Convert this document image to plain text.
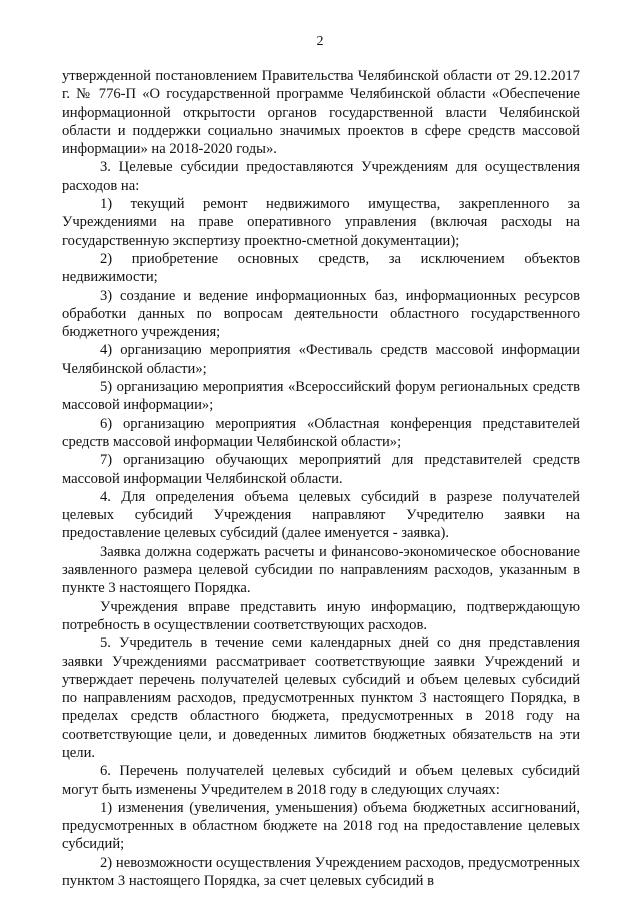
2

утвержденной постановлением Правительства Челябинской области от 29.12.2017 г. № 776-П «О государственной программе Челябинской области «Обеспечение информационной открытости органов государственной власти Челябинской области и поддержки социально значимых проектов в сфере средств массовой информации» на 2018-2020 годы».

3. Целевые субсидии предоставляются Учреждениям для осуществления расходов на:

1) текущий ремонт недвижимого имущества, закрепленного за Учреждениями на праве оперативного управления (включая расходы на государственную экспертизу проектно-сметной документации);

2) приобретение основных средств, за исключением объектов недвижимости;

3) создание и ведение информационных баз, информационных ресурсов обработки данных по вопросам деятельности областного государственного бюджетного учреждения;

4) организацию мероприятия «Фестиваль средств массовой информации Челябинской области»;

5) организацию мероприятия «Всероссийский форум региональных средств массовой информации»;

6) организацию мероприятия «Областная конференция представителей средств массовой информации Челябинской области»;

7) организацию обучающих мероприятий для представителей средств массовой информации Челябинской области.

4. Для определения объема целевых субсидий в разрезе получателей целевых субсидий Учреждения направляют Учредителю заявки на предоставление целевых субсидий (далее именуется - заявка).

Заявка должна содержать расчеты и финансово-экономическое обоснование заявленного размера целевой субсидии по направлениям расходов, указанным в пункте 3 настоящего Порядка.

Учреждения вправе представить иную информацию, подтверждающую потребность в осуществлении соответствующих расходов.

5. Учредитель в течение семи календарных дней со дня представления заявки Учреждениями рассматривает соответствующие заявки Учреждений и утверждает перечень получателей целевых субсидий и объем целевых субсидий по направлениям расходов, предусмотренных пунктом 3 настоящего Порядка, в пределах средств областного бюджета, предусмотренных в 2018 году на соответствующие цели, и доведенных лимитов бюджетных обязательств на эти цели.

6. Перечень получателей целевых субсидий и объем целевых субсидий могут быть изменены Учредителем в 2018 году в следующих случаях:

1) изменения (увеличения, уменьшения) объема бюджетных ассигнований, предусмотренных в областном бюджете на 2018 год на предоставление целевых субсидий;

2) невозможности осуществления Учреждением расходов, предусмотренных пунктом 3 настоящего Порядка, за счет целевых субсидий в
